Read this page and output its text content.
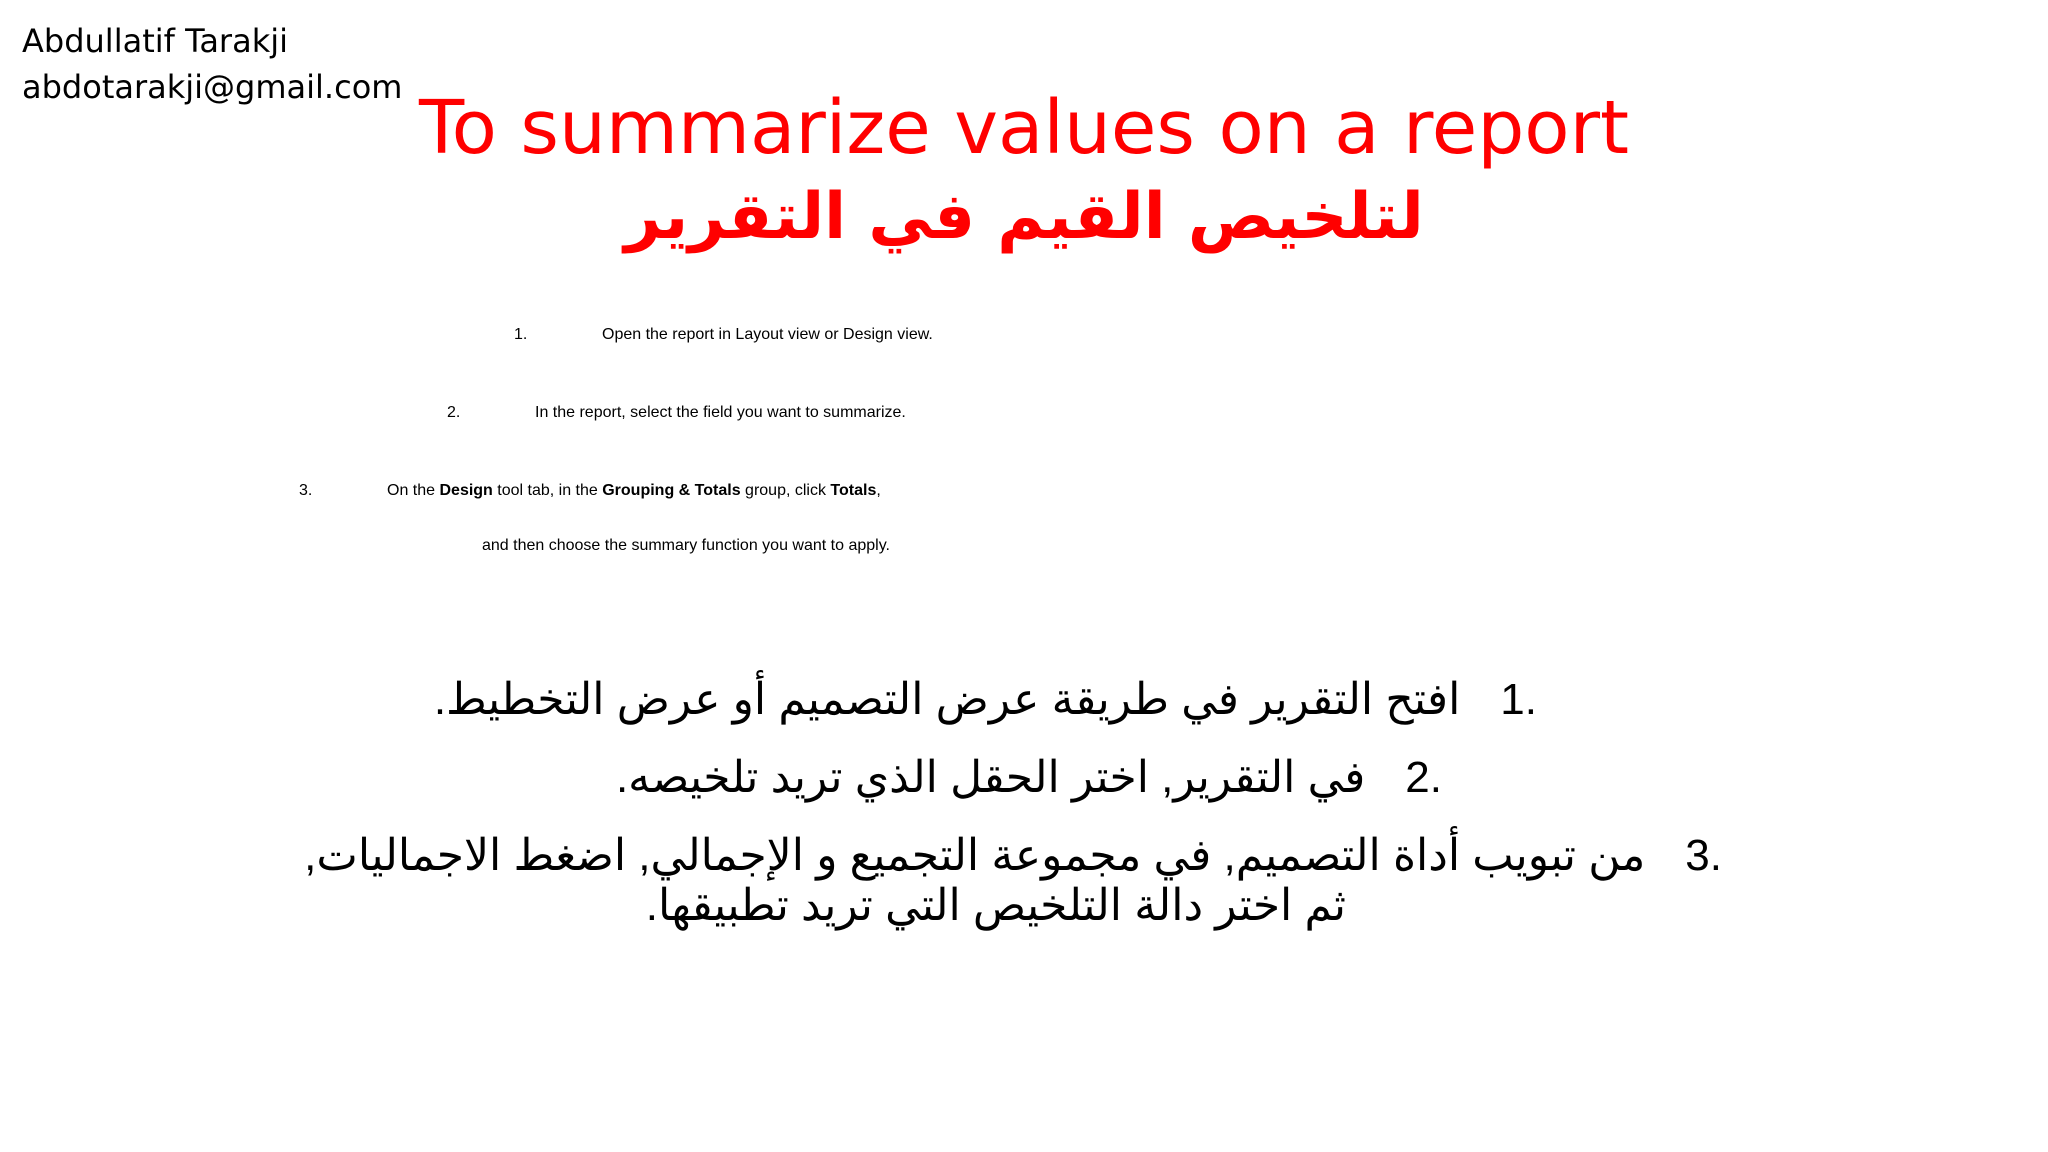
Abdullatif Tarakji
abdotarakji@gmail.com To summarize values on a report
لتلخيص القيم في التقرير
1.	Open the report in Layout view or Design view.
2.	In the report, select the field you want to summarize.
3.	On the Design tool tab, in the Grouping & Totals group, click Totals,
and then choose the summary function you want to apply.
افتح التقرير في طريقة عرض التصميم أو عرض التخطيط. 1.
في التقرير, اختر الحقل الذي تريد تلخيصه. 2.
من تبويب أداة التصميم, في مجموعة التجميع و الإجمالي, اضغط الاجماليات, 3.
ثم اختر دالة التلخيص التي تريد تطبيقها.
